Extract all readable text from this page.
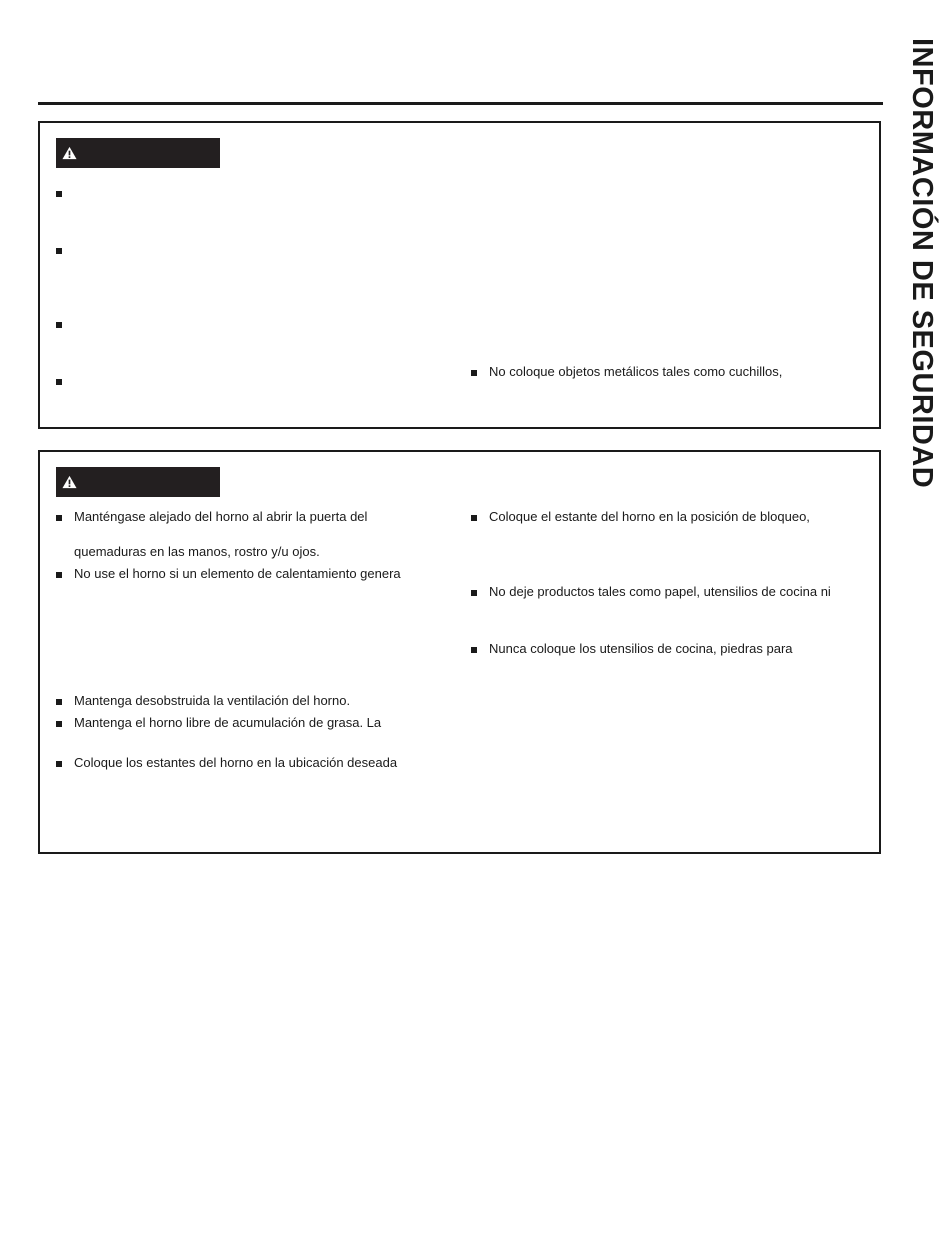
INFORMACIÓN DE SEGURIDAD
No coloque objetos metálicos tales como cuchillos,
Manténgase alejado del horno al abrir la puerta del
quemaduras en las manos, rostro y/u ojos.
No use el horno si un elemento de calentamiento genera
Mantenga desobstruida la ventilación del horno.
Mantenga el horno libre de acumulación de grasa. La
Coloque los estantes del horno en la ubicación deseada
Coloque el estante del horno en la posición de bloqueo,
No deje productos tales como papel, utensilios de cocina ni
Nunca coloque los utensilios de cocina, piedras para
